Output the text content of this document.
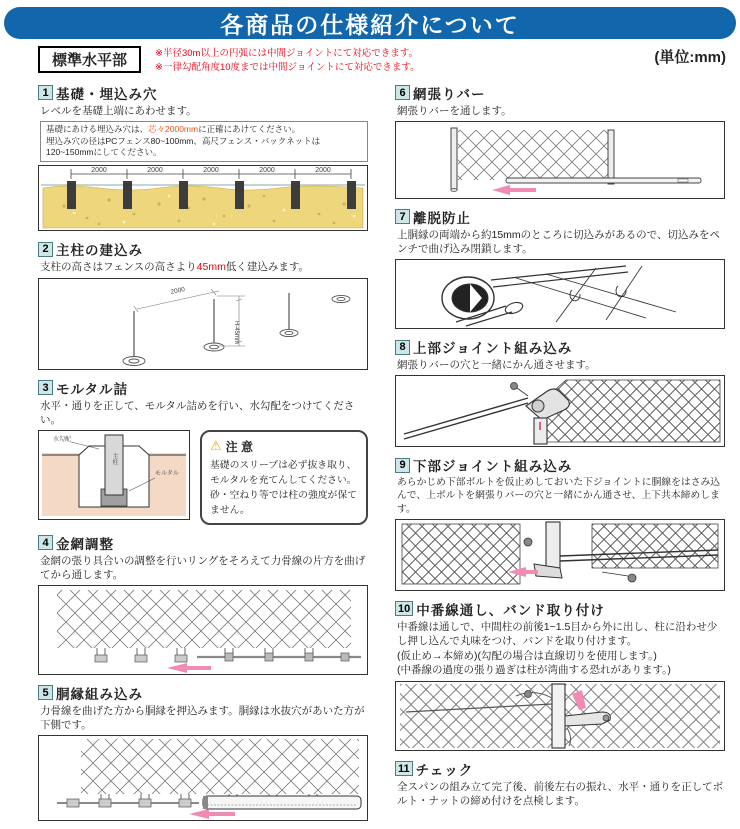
各商品の仕様紹介について
標準水平部	※半径30m以上の円弧には中間ジョイントにて対応できます。
※一律勾配角度10度までは中間ジョイントにて対応できます。
(単位:mm)
1 基礎・埋込み穴
レベルを基礎上端にあわせます。
基礎にあける埋込み穴は、芯々2000mmに正確にあけてください。
埋込み穴の径はPCフェンス80~100mm、高尺フェンス・バックネットは120~150mmにしてください。
2000	2000	2000	2000	2000
2 主柱の建込み
支柱の高さはフェンスの高さより45mm低く建込みます。
2000
H-45mm
3 モルタル詰
水平・通りを正して、モルタル詰めを行い、水勾配をつけてください。
水勾配
主柱
モルタル
⚠ 注 意
基礎のスリーブは必ず抜き取り、モルタルを充てんしてください。砂・空ねり等では柱の強度が保てません。
4 金網調整
金網の張り具合いの調整を行いリングをそろえて力骨線の片方を曲げてから通します。
5 胴縁組み込み
力骨線を曲げた方から胴縁を押込みます。胴縁は水抜穴があいた方が下側です。
6 網張りバー
網張りバーを通します。
7 離脱防止
上胴縁の両端から約15mmのところに切込みがあるので、切込みをペンチで曲げ込み閉鎖します。
8 上部ジョイント組み込み
網張りバーの穴と一緒にかん通させます。
9 下部ジョイント組み込み
あらかじめ下部ボルトを仮止めしておいた下ジョイントに胴線をはさみ込んで、上ボルトを網張りバーの穴と一緒にかん通させ、上下共本締めします。
10 中番線通し、バンド取り付け
中番線は通しで、中間柱の前後1~1.5目から外に出し、柱に沿わせ少し押し込んで丸味をつけ、バンドを取り付けます。
(仮止め→本締め)(勾配の場合は直線切りを使用します。)
(中番線の過度の張り過ぎは柱が湾曲する恐れがあります。)
11 チェック
全スパンの組み立て完了後、前後左右の振れ、水平・通りを正してボルト・ナットの締め付けを点検します。
